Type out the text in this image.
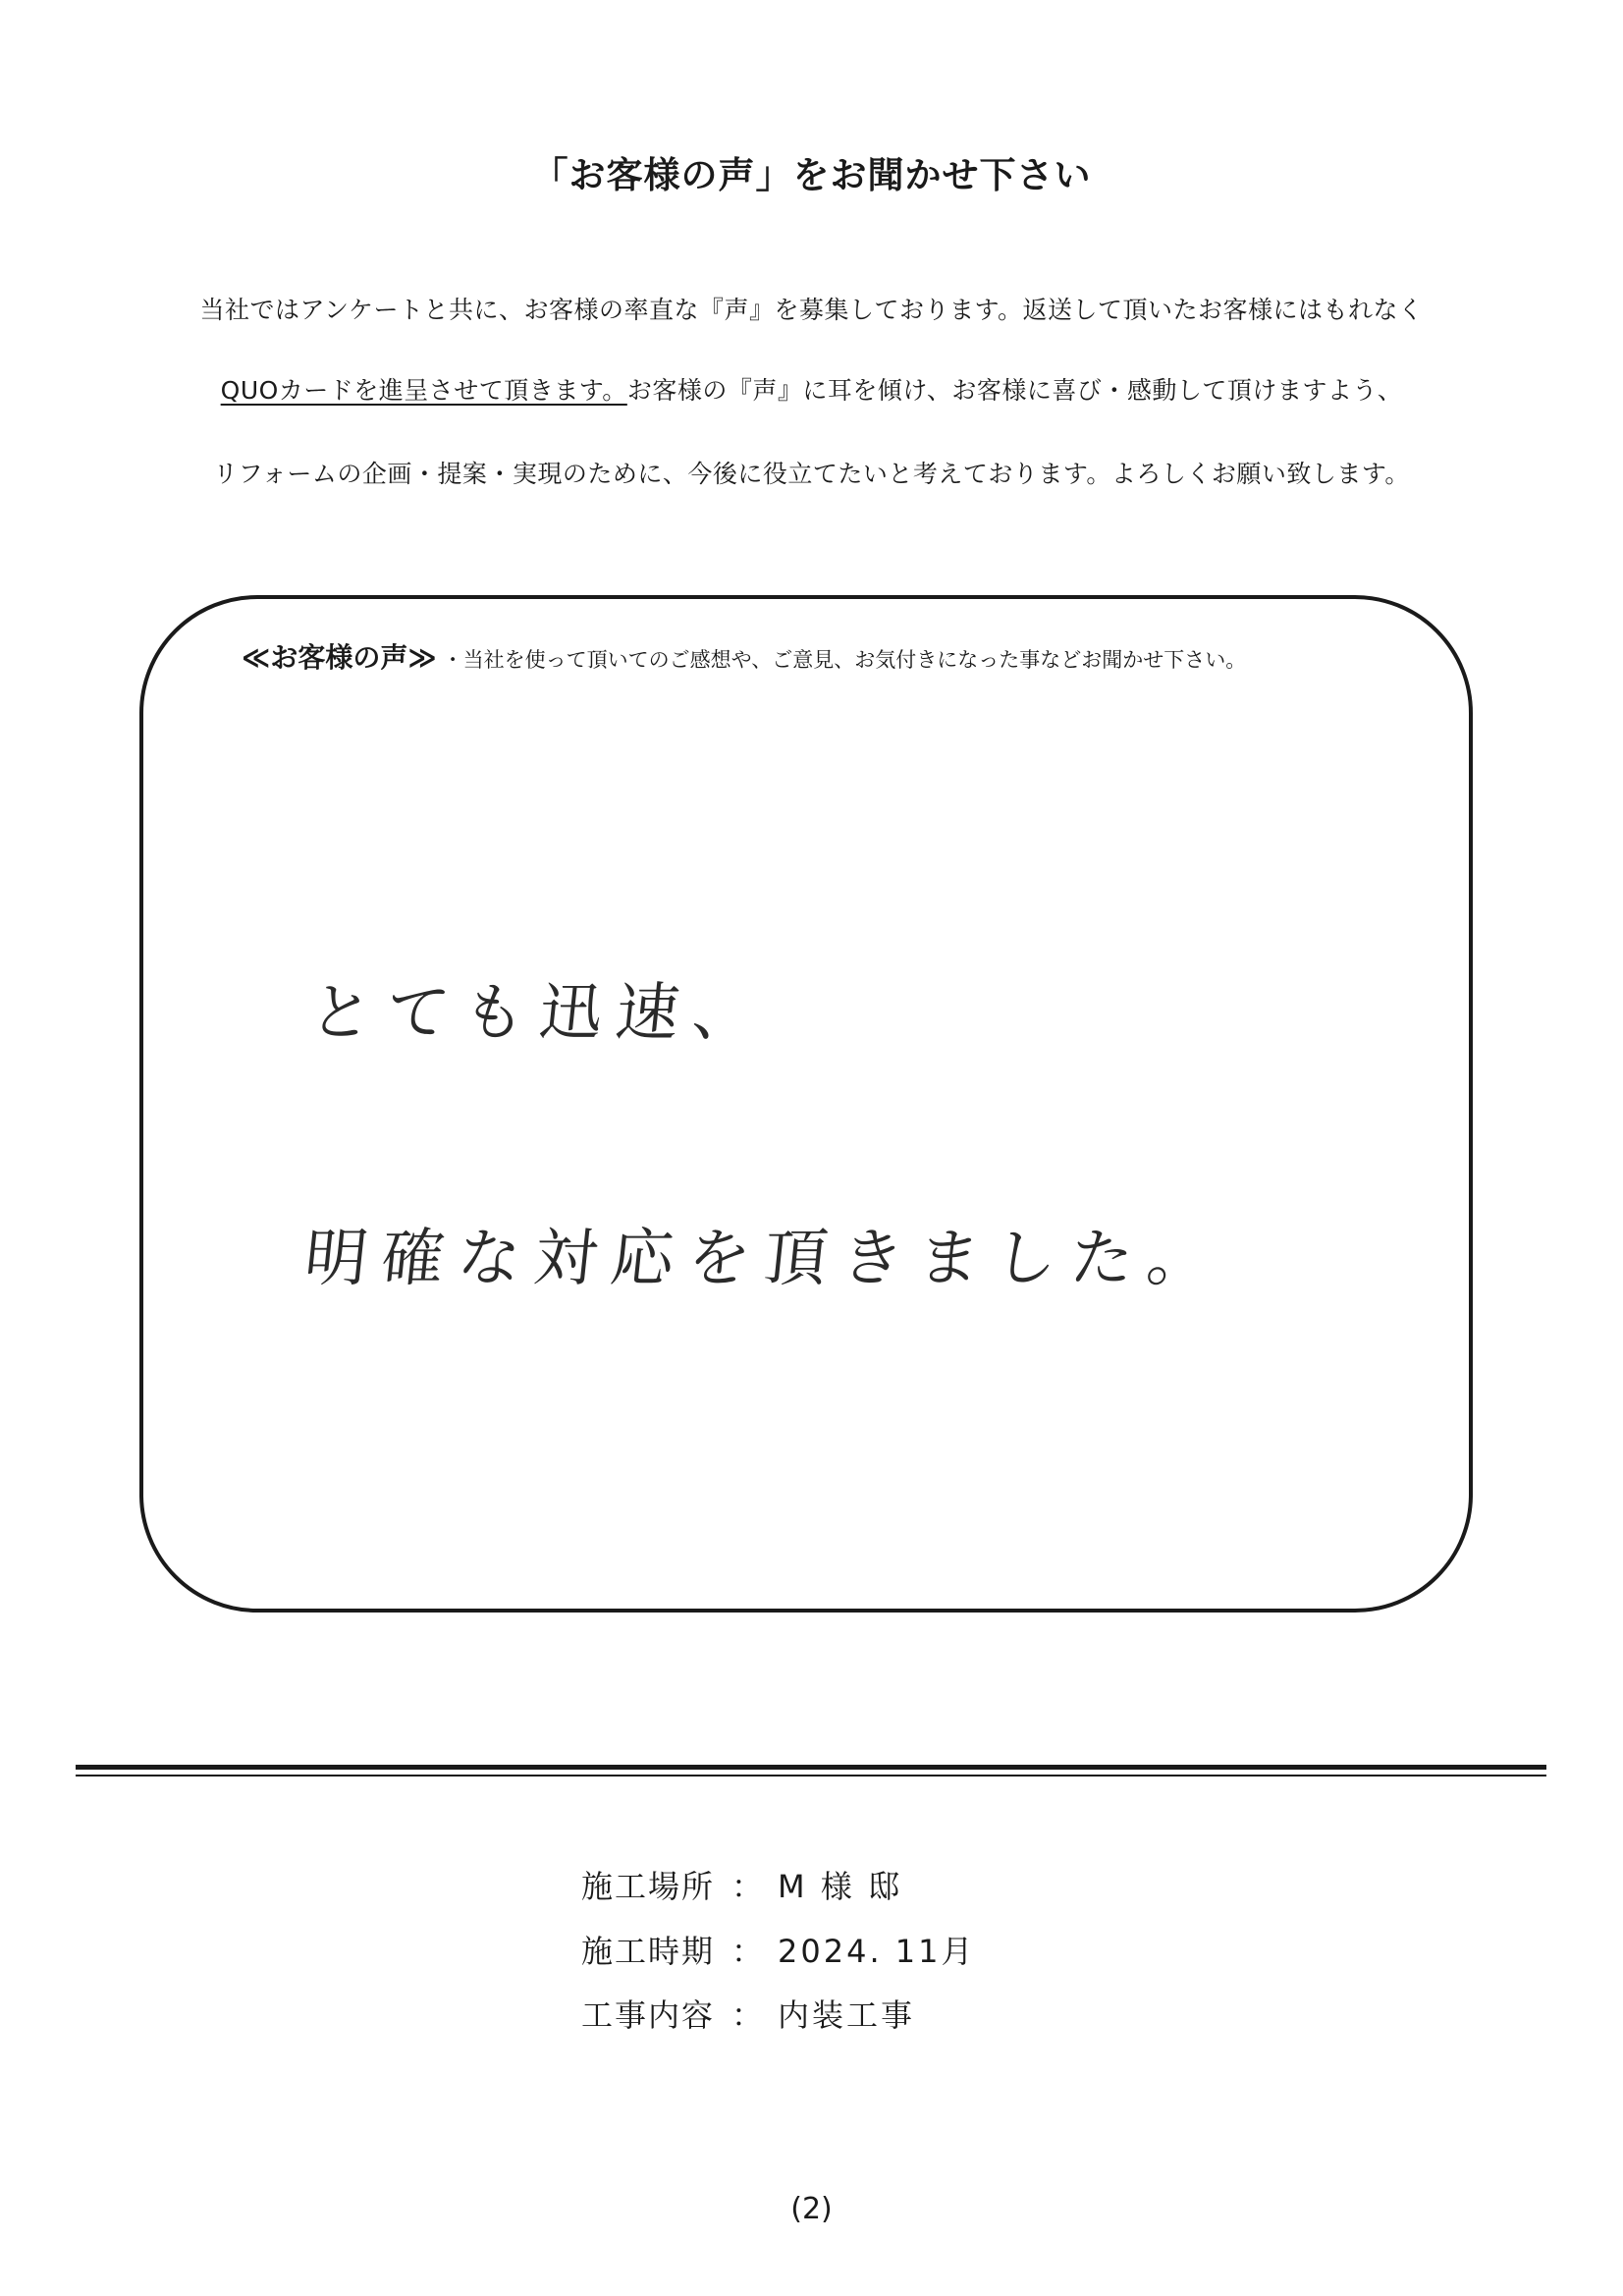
「お客様の声」をお聞かせ下さい
当社ではアンケートと共に、お客様の率直な『声』を募集しております。返送して頂いたお客様にはもれなく
QUOカードを進呈させて頂きます。お客様の『声』に耳を傾け、お客様に喜び・感動して頂けますよう、
リフォームの企画・提案・実現のために、今後に役立てたいと考えております。よろしくお願い致します。
≪お客様の声≫ ・当社を使って頂いてのご感想や、ご意見、お気付きになった事などお聞かせ下さい。
とても迅速、
明確な対応を頂きました。
施工場所 ： M 様 邸
施工時期 ： 2024. 11月
工事内容 ： 内装工事
(2)
